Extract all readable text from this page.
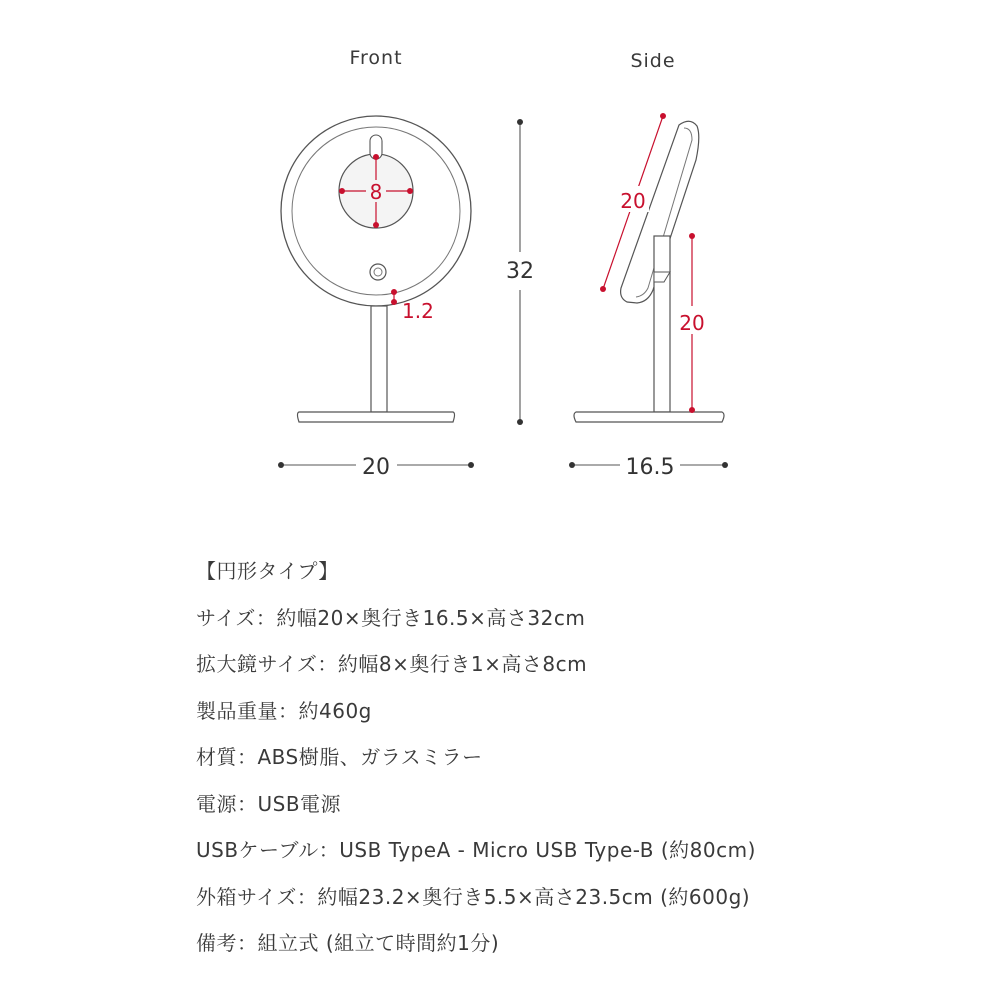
Front	Side
8
1.2
32
20
20
20
16.5
【円形タイプ】
サイズ：約幅20×奥行き16.5×高さ32cm
拡大鏡サイズ：約幅8×奥行き1×高さ8cm
製品重量：約460g
材質：ABS樹脂、ガラスミラー
電源：USB電源
USBケーブル：USB TypeA - Micro USB Type-B (約80cm)
外箱サイズ：約幅23.2×奥行き5.5×高さ23.5cm (約600g)
備考：組立式 (組立て時間約1分)
